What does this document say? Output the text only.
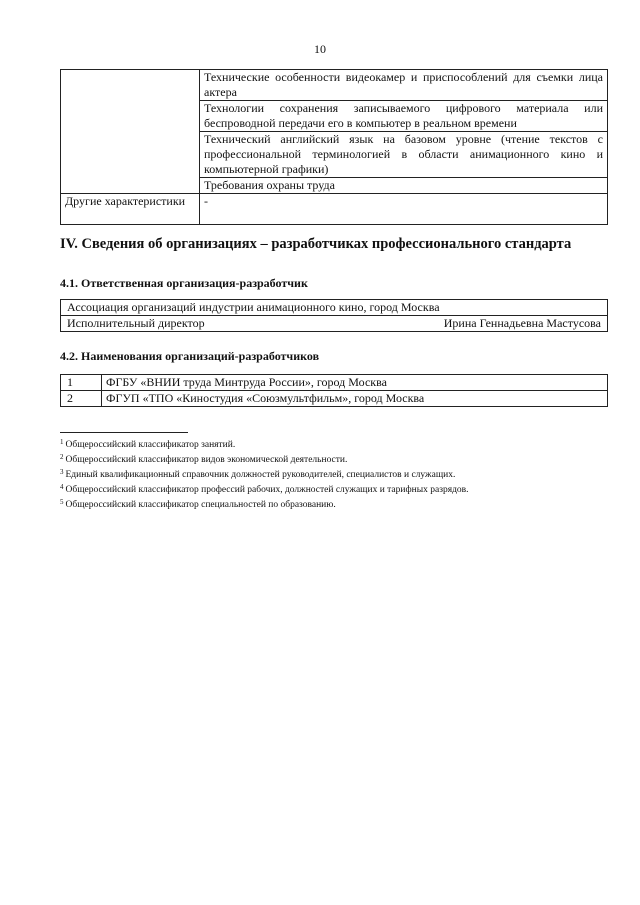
10
	Технические особенности видеокамер и приспособлений для съемки лица актера
	Технологии сохранения записываемого цифрового материала или беспроводной передачи его в компьютер в реальном времени
	Технический английский язык на базовом уровне (чтение текстов с профессиональной терминологией в области анимационного кино и компьютерной графики)
	Требования охраны труда
Другие характеристики	-
IV. Сведения об организациях – разработчиках профессионального стандарта
4.1. Ответственная организация-разработчик
Ассоциация организаций индустрии анимационного кино, город Москва
Исполнительный директор	Ирина Геннадьевна Мастусова
4.2. Наименования организаций-разработчиков
1	ФГБУ «ВНИИ труда Минтруда России», город Москва
2	ФГУП «ТПО «Киностудия «Союзмультфильм», город Москва
$^1$ Общероссийский классификатор занятий.
$^2$ Общероссийский классификатор видов экономической деятельности.
$^3$ Единый квалификационный справочник должностей руководителей, специалистов и служащих.
$^4$ Общероссийский классификатор профессий рабочих, должностей служащих и тарифных разрядов.
$^5$ Общероссийский классификатор специальностей по образованию.
